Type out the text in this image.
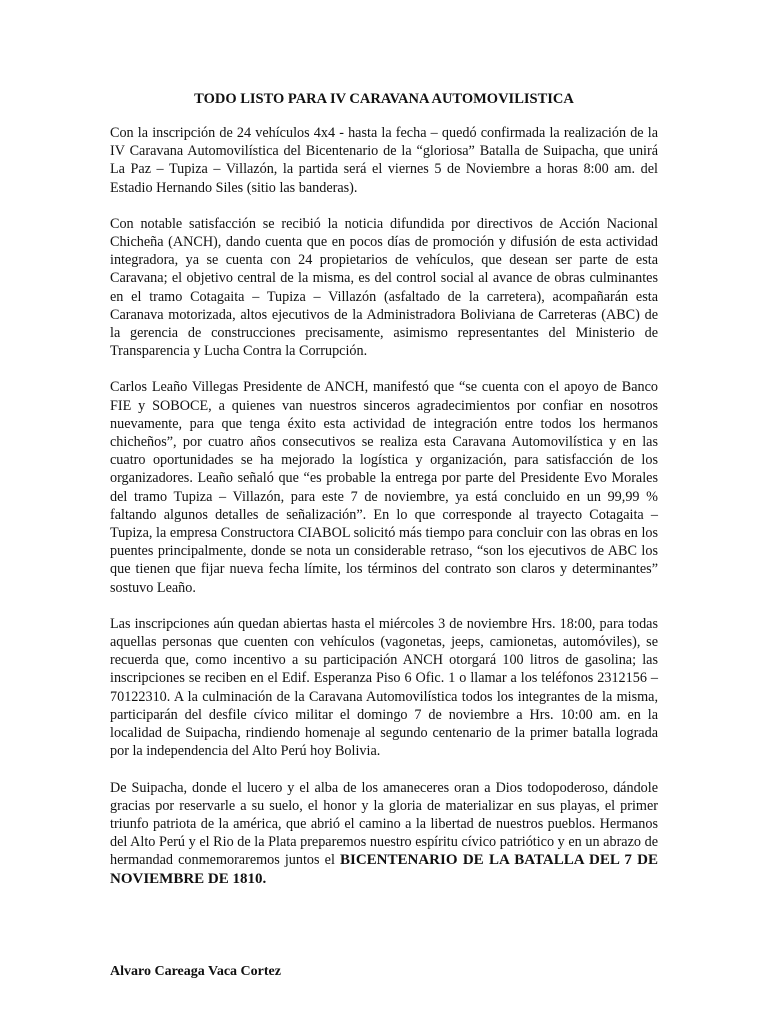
TODO LISTO PARA IV CARAVANA AUTOMOVILISTICA

Con la inscripción de 24 vehículos 4x4 - hasta la fecha – quedó confirmada la realización de la IV Caravana Automovilística del Bicentenario de la “gloriosa” Batalla de Suipacha, que unirá La Paz – Tupiza – Villazón, la partida será el viernes 5 de Noviembre a horas 8:00 am. del Estadio Hernando Siles (sitio las banderas).

Con notable satisfacción se recibió la noticia difundida por directivos de Acción Nacional Chicheña (ANCH), dando cuenta que en pocos días de promoción y difusión de esta actividad integradora, ya se cuenta con 24 propietarios de vehículos, que desean ser parte de esta Caravana; el objetivo central de la misma, es del control social al avance de obras culminantes en el tramo Cotagaita – Tupiza – Villazón (asfaltado de la carretera), acompañarán esta Caranava motorizada, altos ejecutivos de la Administradora Boliviana de Carreteras (ABC) de la gerencia de construcciones precisamente, asimismo representantes del Ministerio de Transparencia y Lucha Contra la Corrupción.

Carlos Leaño Villegas Presidente de ANCH, manifestó que “se cuenta con el apoyo de Banco FIE y SOBOCE, a quienes van nuestros sinceros agradecimientos por confiar en nosotros nuevamente, para que tenga éxito esta actividad de integración entre todos los hermanos chicheños”, por cuatro años consecutivos se realiza esta Caravana Automovilística y en las cuatro oportunidades se ha mejorado la logística y organización, para satisfacción de los organizadores. Leaño señaló que “es probable la entrega por parte del Presidente Evo Morales del tramo Tupiza – Villazón, para este 7 de noviembre, ya está concluido en un 99,99 % faltando algunos detalles de señalización”. En lo que corresponde al trayecto Cotagaita – Tupiza, la empresa Constructora CIABOL solicitó más tiempo para concluir con las obras en los puentes principalmente, donde se nota un considerable retraso, “son los ejecutivos de ABC los que tienen que fijar nueva fecha límite, los términos del contrato son claros y determinantes” sostuvo Leaño.

Las inscripciones aún quedan abiertas hasta el miércoles 3 de noviembre Hrs. 18:00, para todas aquellas personas que cuenten con vehículos (vagonetas, jeeps, camionetas, automóviles), se recuerda que, como incentivo a su participación ANCH otorgará 100 litros de gasolina; las inscripciones se reciben en el Edif. Esperanza Piso 6 Ofic. 1 o llamar a los teléfonos 2312156 – 70122310. A la culminación de la Caravana Automovilística todos los integrantes de la misma, participarán del desfile cívico militar el domingo 7 de noviembre a Hrs. 10:00 am. en la localidad de Suipacha, rindiendo homenaje al segundo centenario de la primer batalla lograda por la independencia del Alto Perú hoy Bolivia.

De Suipacha, donde el lucero y el alba de los amaneceres oran a Dios todopoderoso, dándole gracias por reservarle a su suelo, el honor y la gloria de materializar en sus playas, el primer triunfo patriota de la américa, que abrió el camino a la libertad de nuestros pueblos. Hermanos del Alto Perú y el Rio de la Plata preparemos nuestro espíritu cívico patriótico y en un abrazo de hermandad conmemoraremos juntos el BICENTENARIO DE LA BATALLA DEL 7 DE NOVIEMBRE DE 1810.

Alvaro Careaga Vaca Cortez
